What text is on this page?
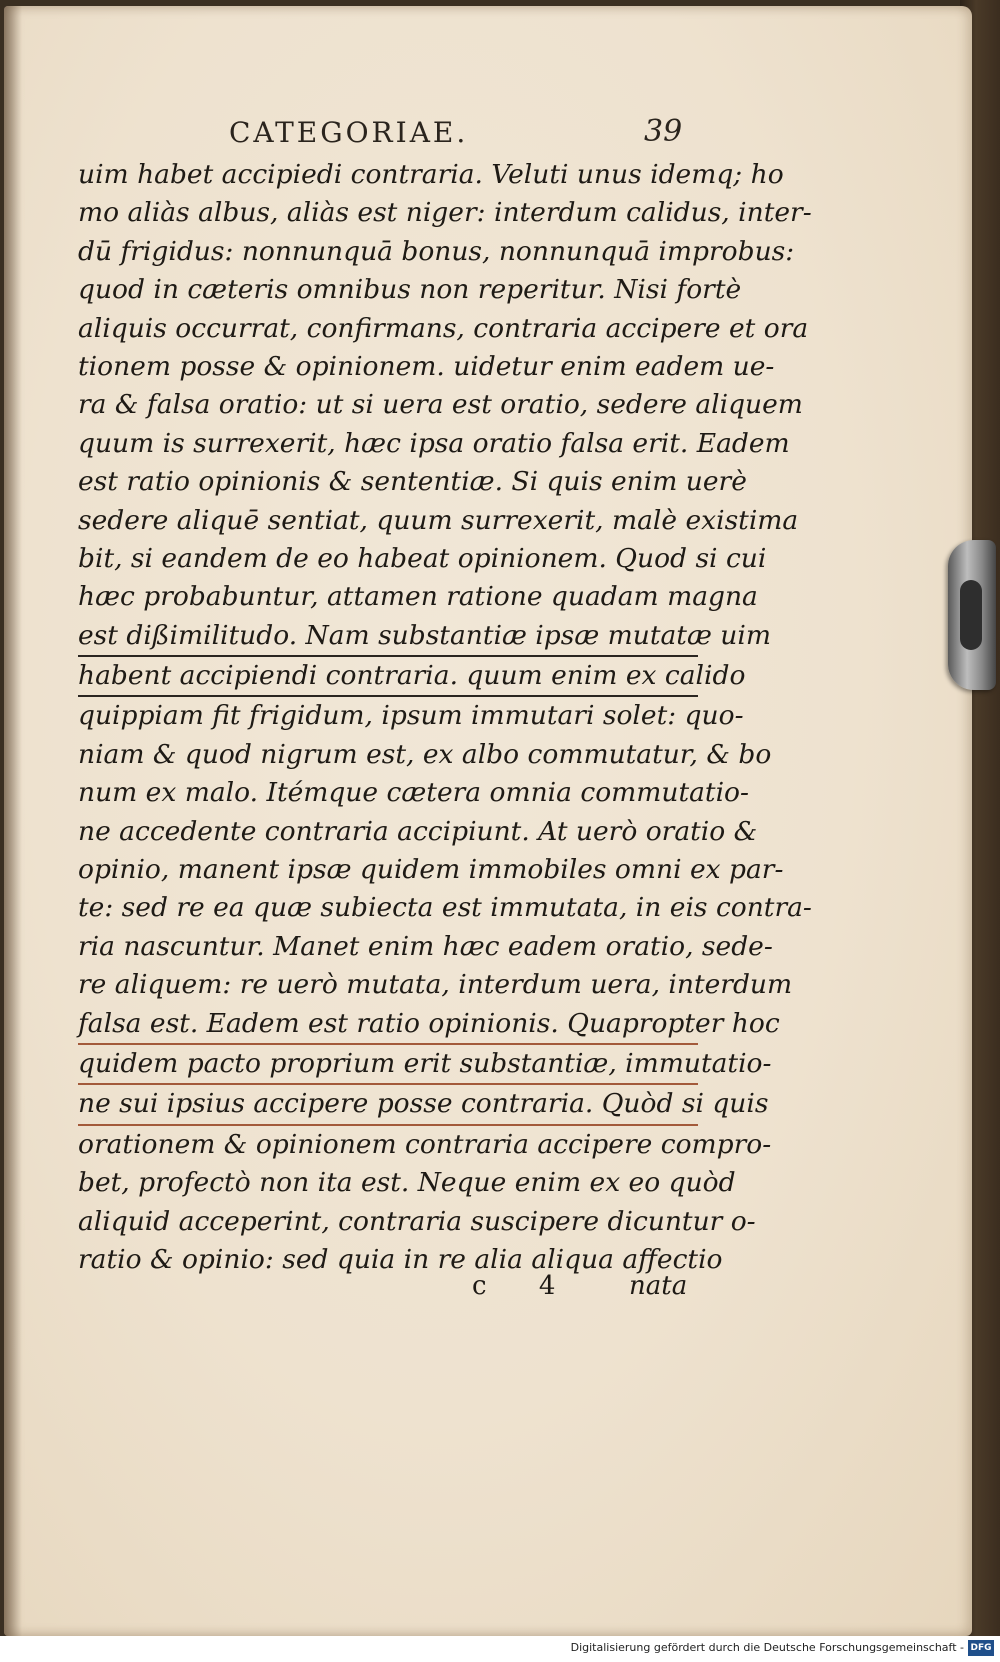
CATEGORIAE.	39
uim habet accipiedi contraria. Veluti unus idemq; ho
mo aliàs albus, aliàs est niger: interdum calidus, inter-
dū frigidus: nonnunquā bonus, nonnunquā improbus:
quod in cæteris omnibus non reperitur. Nisi fortè
aliquis occurrat, confirmans, contraria accipere et ora
tionem posse & opinionem. uidetur enim eadem ue-
ra & falsa oratio: ut si uera est oratio, sedere aliquem
quum is surrexerit, hæc ipsa oratio falsa erit. Eadem
est ratio opinionis & sententiæ. Si quis enim uerè
sedere aliquē sentiat, quum surrexerit, malè existima
bit, si eandem de eo habeat opinionem. Quod si cui
hæc probabuntur, attamen ratione quadam magna
est dißimilitudo. Nam substantiæ ipsæ mutatæ uim
habent accipiendi contraria. quum enim ex calido
quippiam fit frigidum, ipsum immutari solet: quo-
niam & quod nigrum est, ex albo commutatur, & bo
num ex malo. Itémque cætera omnia commutatio-
ne accedente contraria accipiunt. At uerò oratio &
opinio, manent ipsæ quidem immobiles omni ex par-
te: sed re ea quæ subiecta est immutata, in eis contra-
ria nascuntur. Manet enim hæc eadem oratio, sede-
re aliquem: re uerò mutata, interdum uera, interdum
falsa est. Eadem est ratio opinionis. Quapropter hoc
quidem pacto proprium erit substantiæ, immutatio-
ne sui ipsius accipere posse contraria. Quòd si quis
orationem & opinionem contraria accipere compro-
bet, profectò non ita est. Neque enim ex eo quòd
aliquid acceperint, contraria suscipere dicuntur o-
ratio & opinio: sed quia in re alia aliqua affectio
c 4 nata
Digitalisierung gefördert durch die Deutsche Forschungsgemeinschaft - DFG
